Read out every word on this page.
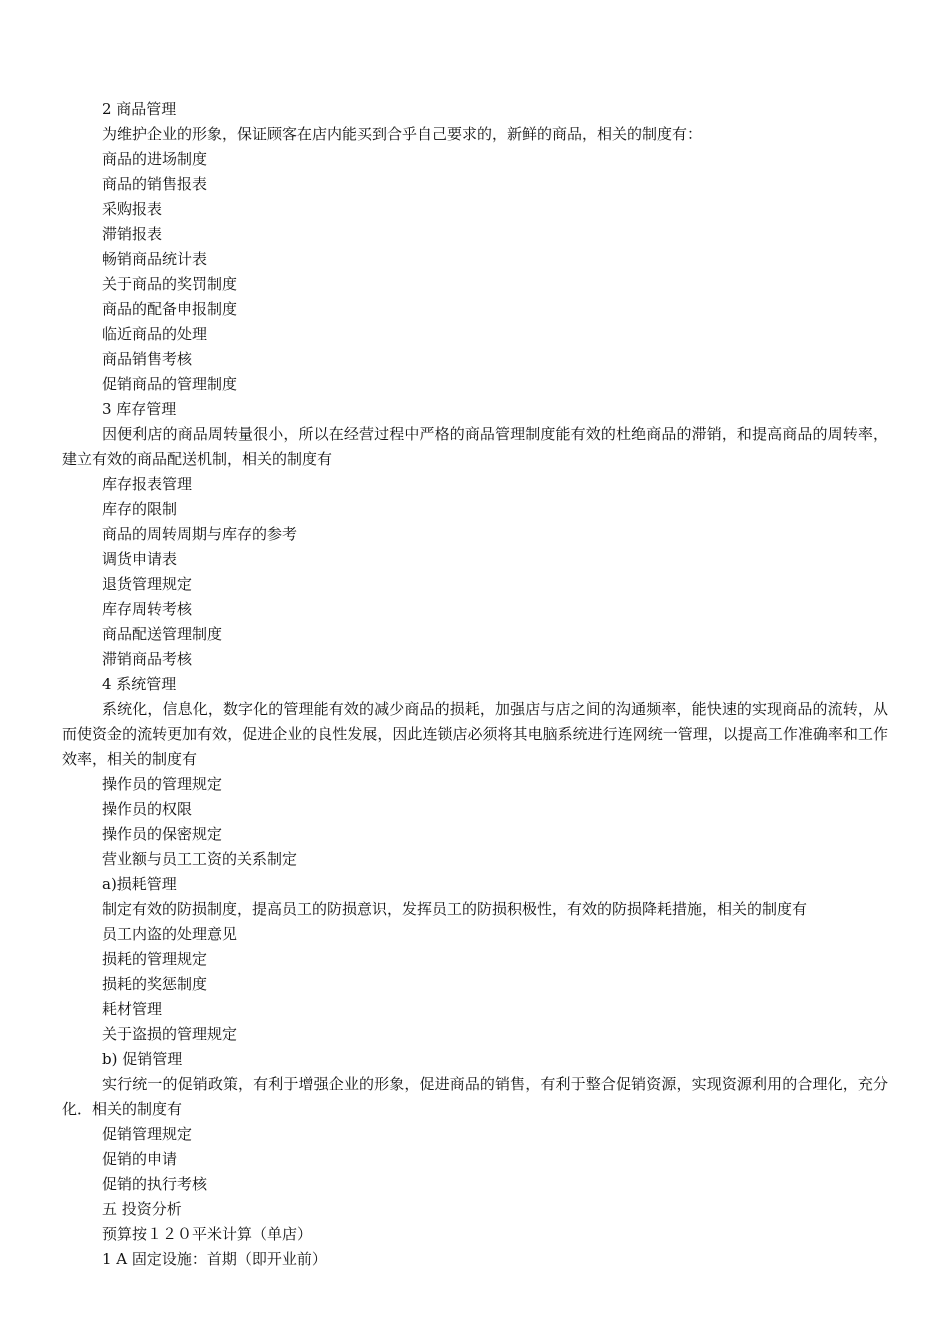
2 商品管理
为维护企业的形象，保证顾客在店内能买到合乎自己要求的，新鲜的商品，相关的制度有：
商品的进场制度
商品的销售报表
采购报表
滞销报表
畅销商品统计表
关于商品的奖罚制度
商品的配备申报制度
临近商品的处理
商品销售考核
促销商品的管理制度
3 库存管理
因便利店的商品周转量很小，所以在经营过程中严格的商品管理制度能有效的杜绝商品的滞销，和提高商品的周转率，建立有效的商品配送机制，相关的制度有
库存报表管理
库存的限制
商品的周转周期与库存的参考
调货申请表
退货管理规定
库存周转考核
商品配送管理制度
滞销商品考核
4 系统管理
系统化，信息化，数字化的管理能有效的减少商品的损耗，加强店与店之间的沟通频率，能快速的实现商品的流转，从而使资金的流转更加有效，促进企业的良性发展，因此连锁店必须将其电脑系统进行连网统一管理，以提高工作准确率和工作效率，相关的制度有
操作员的管理规定
操作员的权限
操作员的保密规定
营业额与员工工资的关系制定
a)损耗管理
制定有效的防损制度，提高员工的防损意识，发挥员工的防损积极性，有效的防损降耗措施，相关的制度有
员工内盗的处理意见
损耗的管理规定
损耗的奖惩制度
耗材管理
关于盗损的管理规定
b) 促销管理
实行统一的促销政策，有利于增强企业的形象，促进商品的销售，有利于整合促销资源，实现资源利用的合理化，充分化．相关的制度有
促销管理规定
促销的申请
促销的执行考核
五 投资分析
预算按１２０平米计算（单店）
1 A 固定设施：首期（即开业前）
